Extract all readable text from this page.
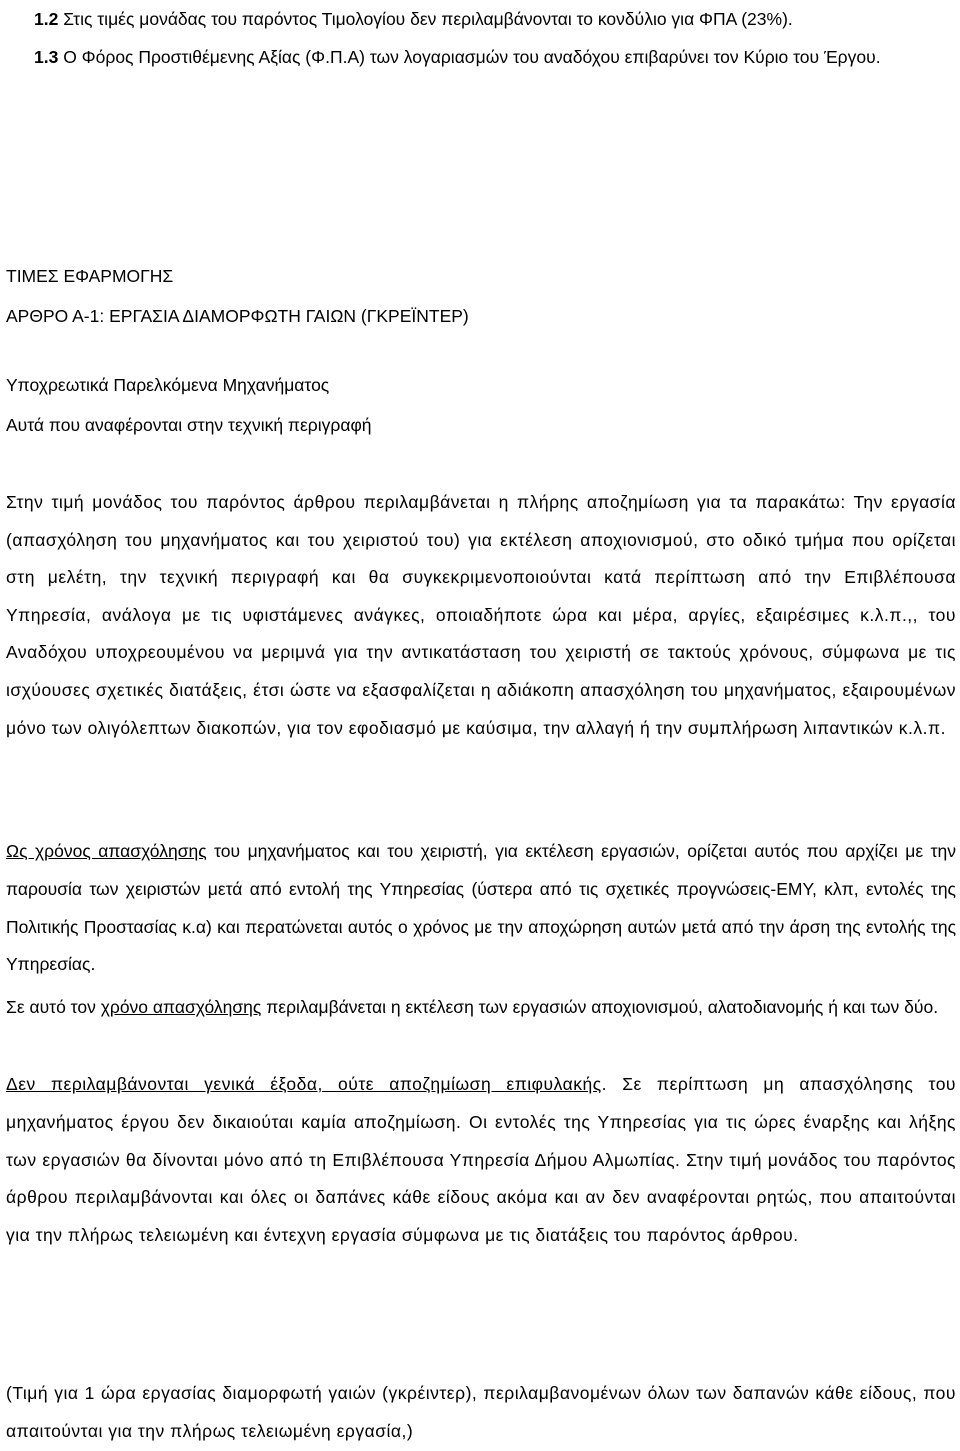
1.2 Στις τιμές μονάδας του παρόντος Τιμολογίου δεν περιλαμβάνονται το κονδύλιο για ΦΠΑ (23%).

1.3 Ο Φόρος Προστιθέμενης Αξίας (Φ.Π.Α) των λογαριασμών του αναδόχου επιβαρύνει τον Κύριο του Έργου.

ΤΙΜΕΣ ΕΦΑΡΜΟΓΗΣ

ΑΡΘΡΟ Α-1: ΕΡΓΑΣΙΑ ΔΙΑΜΟΡΦΩΤΗ ΓΑΙΩΝ (ΓΚΡΕΪΝΤΕΡ)

Υποχρεωτικά Παρελκόμενα Μηχανήματος

Αυτά που αναφέρονται στην τεχνική περιγραφή

Στην τιμή μονάδος του παρόντος άρθρου περιλαμβάνεται η πλήρης αποζημίωση για τα παρακάτω: Την εργασία (απασχόληση του μηχανήματος και του χειριστού του) για εκτέλεση αποχιονισμού, στο οδικό τμήμα που ορίζεται στη μελέτη, την τεχνική περιγραφή και θα συγκεκριμενοποιούνται κατά περίπτωση από την Επιβλέπουσα Υπηρεσία, ανάλογα με τις υφιστάμενες ανάγκες, οποιαδήποτε ώρα και μέρα, αργίες, εξαιρέσιμες κ.λ.π.,, του Αναδόχου υποχρεουμένου να μεριμνά για την αντικατάσταση του χειριστή σε τακτούς χρόνους, σύμφωνα με τις ισχύουσες σχετικές διατάξεις, έτσι ώστε να εξασφαλίζεται η αδιάκοπη απασχόληση του μηχανήματος, εξαιρουμένων μόνο των ολιγόλεπτων διακοπών, για τον εφοδιασμό με καύσιμα, την αλλαγή ή την συμπλήρωση λιπαντικών κ.λ.π.

Ως χρόνος απασχόλησης του μηχανήματος και του χειριστή, για εκτέλεση εργασιών, ορίζεται αυτός που αρχίζει με την παρουσία των χειριστών μετά από εντολή της Υπηρεσίας (ύστερα από τις σχετικές προγνώσεις-ΕΜΥ, κλπ, εντολές της Πολιτικής Προστασίας κ.α) και περατώνεται αυτός ο χρόνος με την αποχώρηση αυτών μετά από την άρση της εντολής της Υπηρεσίας.

Σε αυτό τον χρόνο απασχόλησης περιλαμβάνεται η εκτέλεση των εργασιών αποχιονισμού, αλατοδιανομής ή και των δύο.

Δεν περιλαμβάνονται γενικά έξοδα, ούτε αποζημίωση επιφυλακής. Σε περίπτωση μη απασχόλησης του μηχανήματος έργου δεν δικαιούται καμία αποζημίωση. Οι εντολές της Υπηρεσίας για τις ώρες έναρξης και λήξης των εργασιών θα δίνονται μόνο από τη Επιβλέπουσα Υπηρεσία Δήμου Αλμωπίας. Στην τιμή μονάδος του παρόντος άρθρου περιλαμβάνονται και όλες οι δαπάνες κάθε είδους ακόμα και αν δεν αναφέρονται ρητώς, που απαιτούνται για την πλήρως τελειωμένη και έντεχνη εργασία σύμφωνα με τις διατάξεις του παρόντος άρθρου.

(Τιμή για 1 ώρα εργασίας διαμορφωτή γαιών (γκρέιντερ), περιλαμβανομένων όλων των δαπανών κάθε είδους, που απαιτούνται για την πλήρως τελειωμένη εργασία,)
